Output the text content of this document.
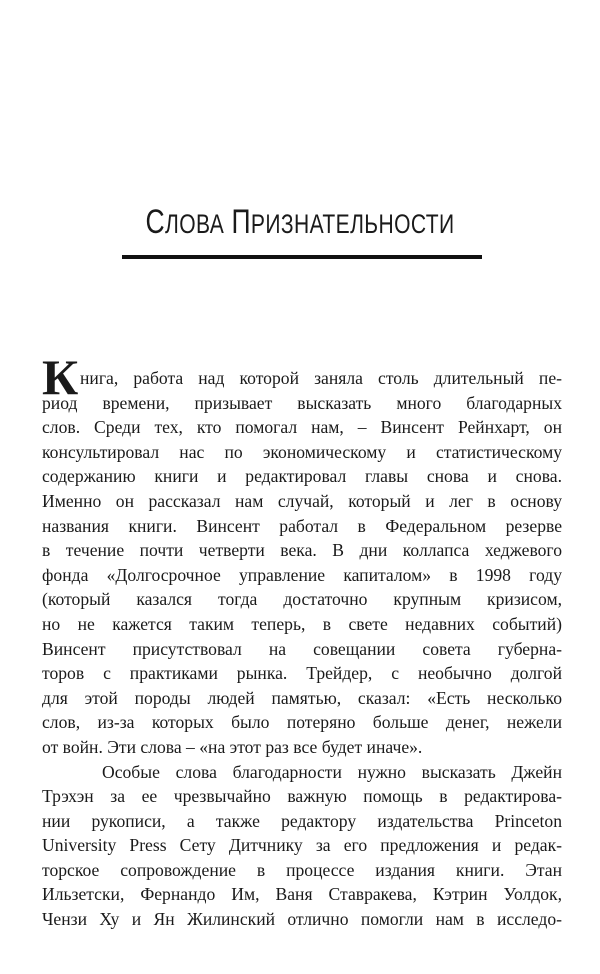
СЛОВА ПРИЗНАТЕЛЬНОСТИ
К нига, работа над которой заняла столь длительный пе-
риод времени, призывает высказать много благодарных
слов. Среди тех, кто помогал нам, – Винсент Рейнхарт, он
консультировал нас по экономическому и статистическому
содержанию книги и редактировал главы снова и снова.
Именно он рассказал нам случай, который и лег в основу
названия книги. Винсент работал в Федеральном резерве
в течение почти четверти века. В дни коллапса хеджевого
фонда «Долгосрочное управление капиталом» в 1998 году
(который казался тогда достаточно крупным кризисом,
но не кажется таким теперь, в свете недавних событий)
Винсент присутствовал на совещании совета губерна-
торов с практиками рынка. Трейдер, с необычно долгой
для этой породы людей памятью, сказал: «Есть несколько
слов, из-за которых было потеряно больше денег, нежели
от войн. Эти слова – «на этот раз все будет иначе».
Особые слова благодарности нужно высказать Джейн
Трэхэн за ее чрезвычайно важную помощь в редактирова-
нии рукописи, а также редактору издательства Princeton
University Press Сету Дитчнику за его предложения и редак-
торское сопровождение в процессе издания книги. Этан
Ильзетски, Фернандо Им, Ваня Ставракева, Кэтрин Уолдок,
Чензи Ху и Ян Жилинский отлично помогли нам в исследо-
